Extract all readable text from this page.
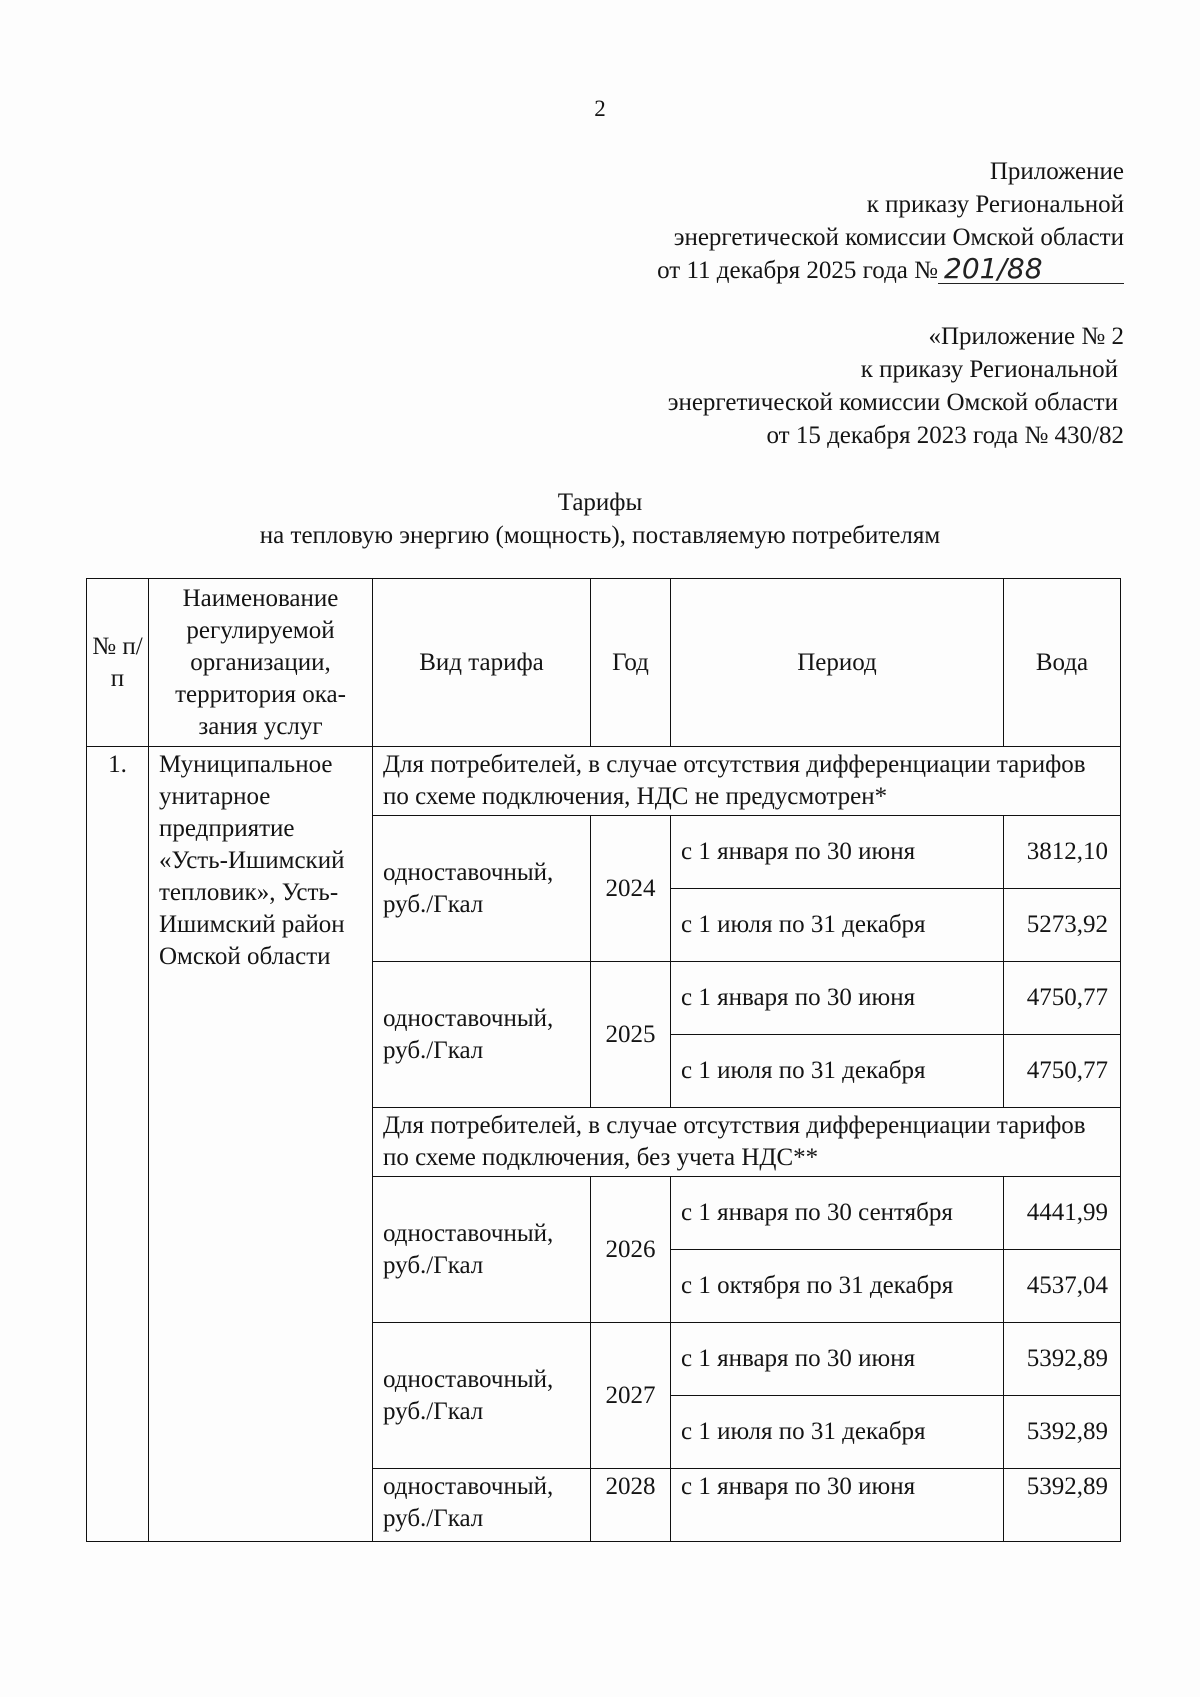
2
Приложение
к приказу Региональной
энергетической комиссии Омской области
от 11 декабря 2025 года № 201/88
«Приложение № 2
к приказу Региональной
энергетической комиссии Омской области
от 15 декабря 2023 года № 430/82
Тарифы
на тепловую энергию (мощность), поставляемую потребителям
№ п/п	Наименование регулируемой организации, территория ока-зания услуг	Вид тарифа	Год	Период	Вода
1.	Муниципальное унитарное предприятие «Усть-Ишимский тепловик», Усть-Ишимский район Омской области	Для потребителей, в случае отсутствия дифференциации тарифов по схеме подключения, НДС не предусмотрен*			
		одноставочный, руб./Гкал	2024	с 1 января по 30 июня	3812,10
				с 1 июля по 31 декабря	5273,92
		одноставочный, руб./Гкал	2025	с 1 января по 30 июня	4750,77
				с 1 июля по 31 декабря	4750,77
		Для потребителей, в случае отсутствия дифференциации тарифов по схеме подключения, без учета НДС**			
		одноставочный, руб./Гкал	2026	с 1 января по 30 сентября	4441,99
				с 1 октября по 31 декабря	4537,04
		одноставочный, руб./Гкал	2027	с 1 января по 30 июня	5392,89
				с 1 июля по 31 декабря	5392,89
		одноставочный, руб./Гкал	2028	с 1 января по 30 июня	5392,89
